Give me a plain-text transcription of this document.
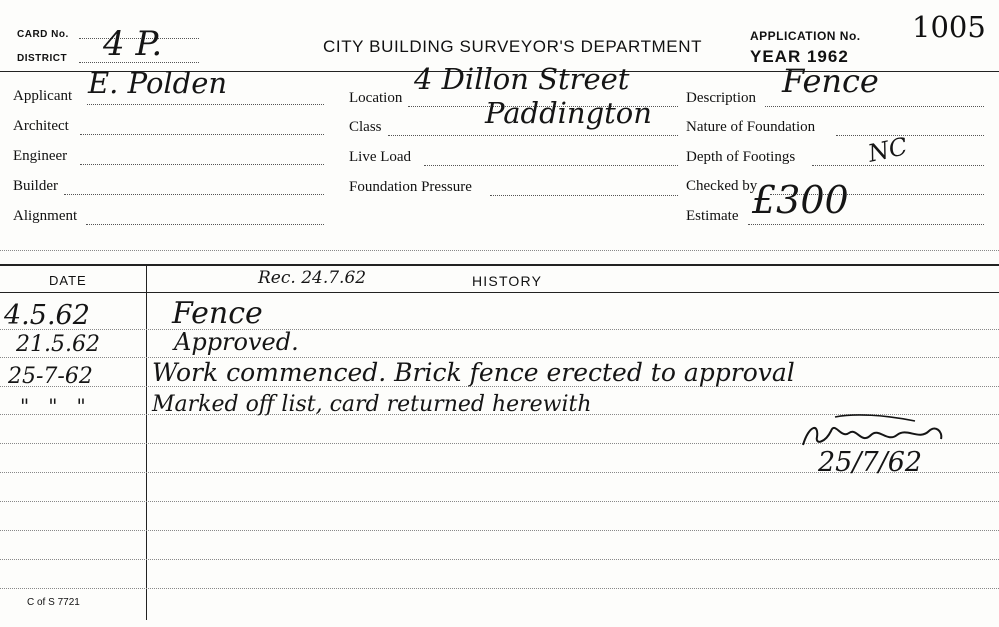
CARD No.
DISTRICT 4 P.	CITY BUILDING SURVEYOR'S DEPARTMENT
APPLICATION No. 1005
YEAR 1962
Applicant E. Polden
Architect
Engineer
Builder
Alignment
Location
4 Dillon Street
Paddington
Class
Live Load
Foundation Pressure
Description Fence
Nature of Foundation
Depth of Footings	NC
Checked by
Estimate £300
DATE	HISTORY
Rec. 24.7.62
4.5.62	Fence
21.5.62	Approved.
25-7-62 Work commenced. Brick fence erected to approval
"   "   "	Marked off list, card returned herewith
25/7/62
C of S 7721
